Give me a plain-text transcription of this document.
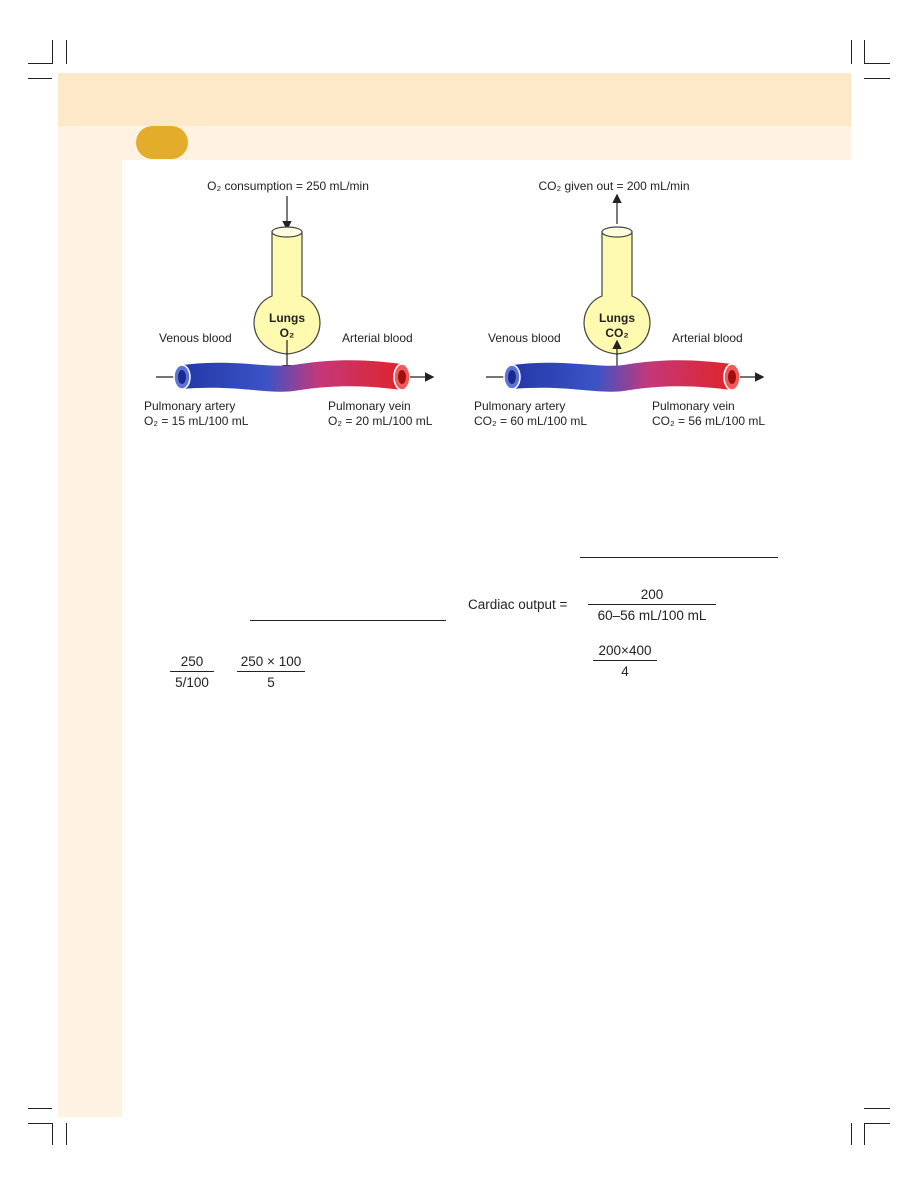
O₂ consumption = 250 mL/min
Lungs
O₂
Venous blood	Arterial blood
Pulmonary artery
O₂ = 15 mL/100 mL
Pulmonary vein
O₂ = 20 mL/100 mL
CO₂ given out = 200 mL/min
Lungs
CO₂
Venous blood	Arterial blood
Pulmonary artery
CO₂ = 60 mL/100 mL
Pulmonary vein
CO₂ = 56 mL/100 mL
Cardiac output = $\frac{200}{60-56 mL/100 mL}$
$\frac{200\times 400}{4}$
$\frac{250}{5/100} \frac{250 \times 100}{5}$
